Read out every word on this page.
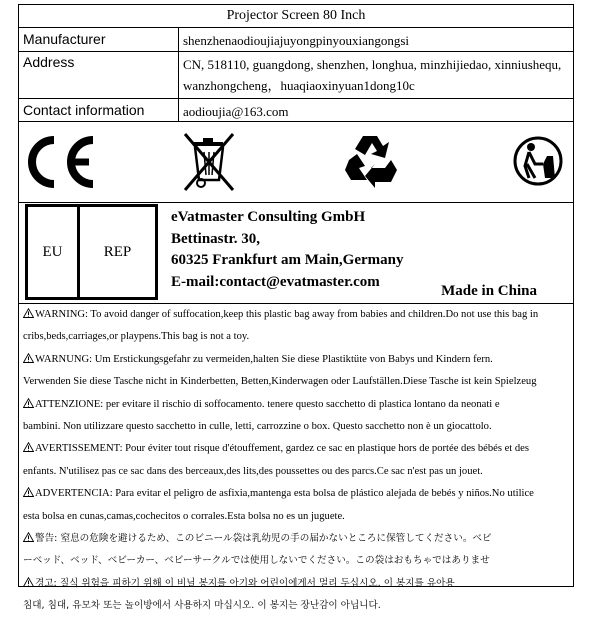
Projector Screen 80 Inch
Manufacturer	shenzhenaodioujiajuyongpinyouxiangongsi
Address	CN, 518110, guangdong, shenzhen, longhua, minzhijiedao, xinniushequ,
wanzhongcheng，huaqiaoxinyuan1dong10c
Contact information	aodioujia@163.com
EU	REP
eVatmaster Consulting GmbH
Bettinastr. 30,
60325 Frankfurt am Main,Germany
E-mail:contact@evatmaster.com
Made in China
WARNING: To avoid danger of suffocation,keep this plastic bag away from babies and children.Do not use this bag in
cribs,beds,carriages,or playpens.This bag is not a toy.
WARNUNG: Um Erstickungsgefahr zu vermeiden,halten Sie diese Plastiktüte von Babys und Kindern fern.
Verwenden Sie diese Tasche nicht in Kinderbetten, Betten,Kinderwagen oder Laufställen.Diese Tasche ist kein Spielzeug
ATTENZIONE: per evitare il rischio di soffocamento. tenere questo sacchetto di plastica lontano da neonati e
bambini. Non utilizzare questo sacchetto in culle, letti, carrozzine o box. Questo sacchetto non è un giocattolo.
AVERTISSEMENT: Pour éviter tout risque d'étouffement, gardez ce sac en plastique hors de portée des bébés et des
enfants. N'utilisez pas ce sac dans des berceaux,des lits,des poussettes ou des parcs.Ce sac n'est pas un jouet.
ADVERTENCIA: Para evitar el peligro de asfixia,mantenga esta bolsa de plástico alejada de bebés y niños.No utilice
esta bolsa en cunas,camas,cochecitos o corrales.Esta bolsa no es un juguete.
警告: 窒息の危険を避けるため、このビニール袋は乳幼児の手の届かないところに保管してください。ベビ
ーベッド、ベッド、ベビーカー、ベビーサークルでは使用しないでください。この袋はおもちゃではありませ
경고: 질식 위험을 피하기 위해 이 비닐 봉지를 아기와 어린이에게서 멀리 두십시오. 이 봉지를 유아용
침대, 침대, 유모차 또는 놀이방에서 사용하지 마십시오. 이 봉지는 장난감이 아닙니다.
